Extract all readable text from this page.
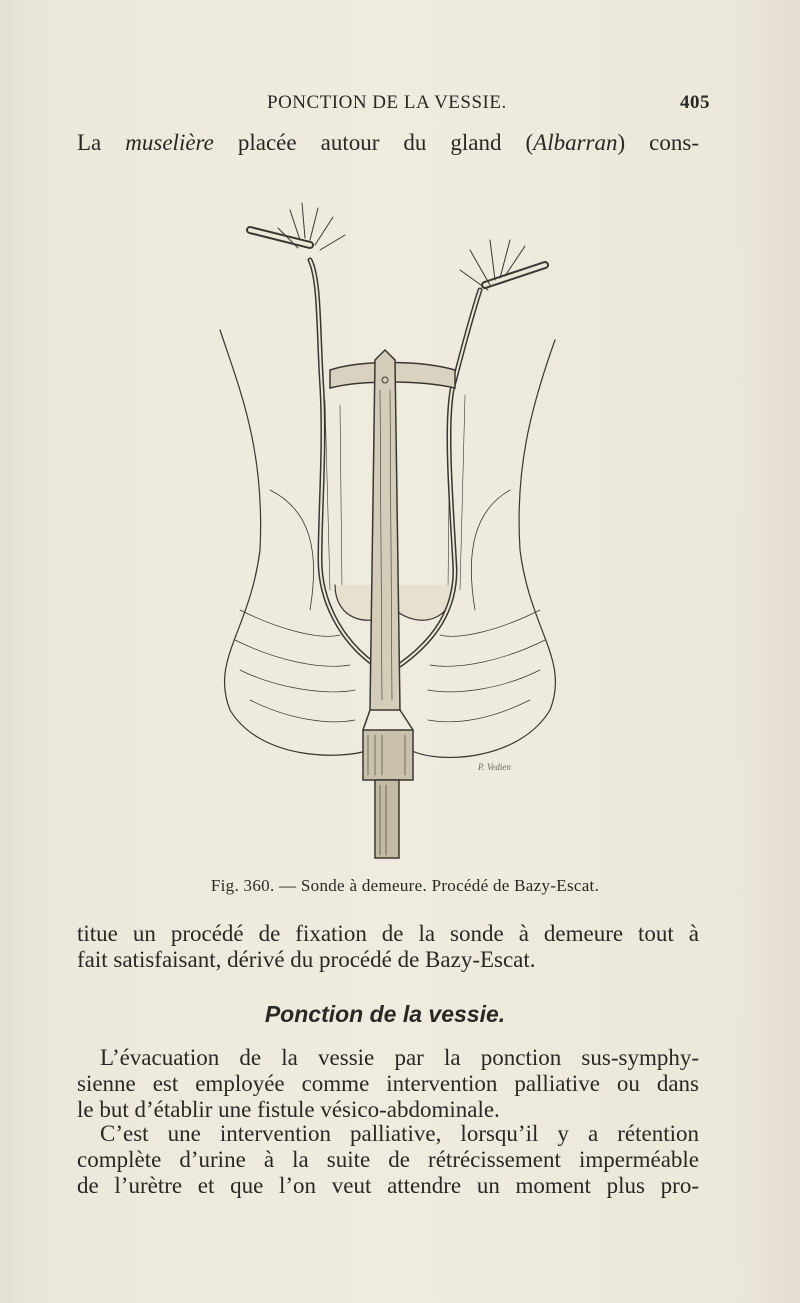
PONCTION DE LA VESSIE.	405
La muselière placée autour du gland (Albarran) cons-
P. Vedien
Fig. 360. — Sonde à demeure. Procédé de Bazy-Escat.
titue un procédé de fixation de la sonde à demeure tout à
fait satisfaisant, dérivé du procédé de Bazy-Escat.
Ponction de la vessie.
L’évacuation de la vessie par la ponction sus-symphy-
sienne est employée comme intervention palliative ou dans
le but d’établir une fistule vésico-abdominale.
C’est une intervention palliative, lorsqu’il y a rétention
complète d’urine à la suite de rétrécissement imperméable
de l’urètre et que l’on veut attendre un moment plus pro-
